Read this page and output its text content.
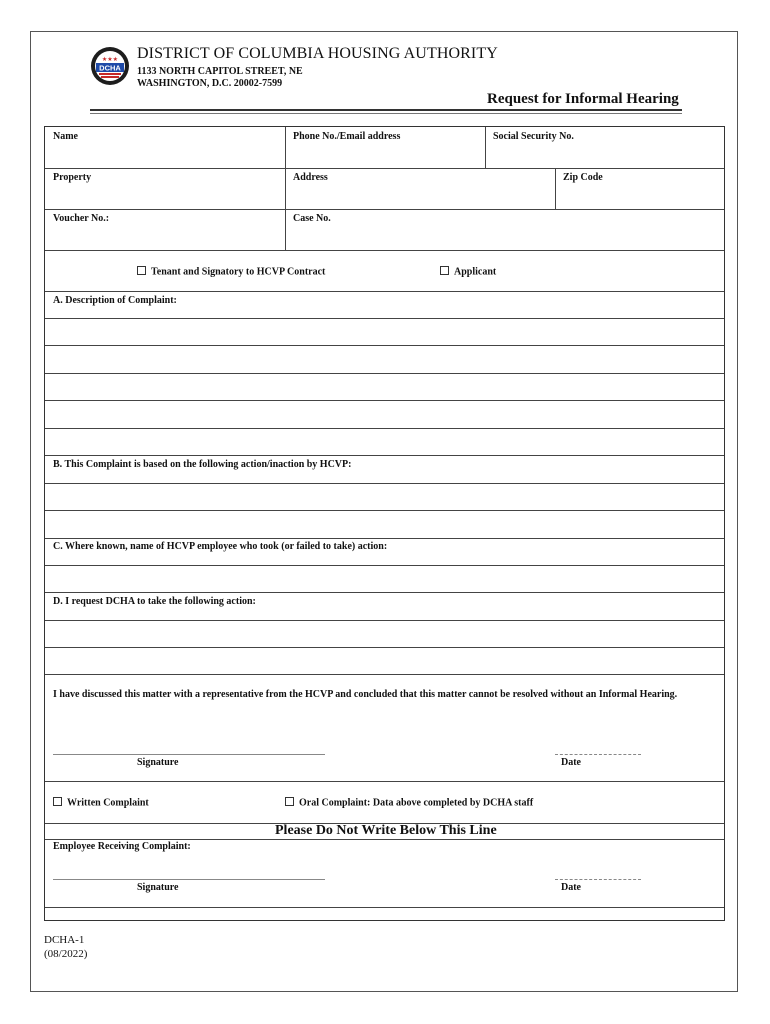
DCHA
★★★ DISTRICT OF COLUMBIA HOUSING AUTHORITY
1133 NORTH CAPITOL STREET, NE
WASHINGTON, D.C. 20002-7599
Request for Informal Hearing
Name	Phone No./Email address	Social Security No.
Property	Address	Zip Code
Voucher No.:	Case No.
Tenant and Signatory to HCVP Contract	Applicant
A. Description of Complaint:
B. This Complaint is based on the following action/inaction by HCVP:
C. Where known, name of HCVP employee who took (or failed to take) action:
D. I request DCHA to take the following action:
I have discussed this matter with a representative from the HCVP and concluded that this matter cannot be resolved without an Informal Hearing.
Signature	Date
Written Complaint	Oral Complaint: Data above completed by DCHA staff
Please Do Not Write Below This Line
Employee Receiving Complaint:
Signature	Date
DCHA-1
(08/2022)
